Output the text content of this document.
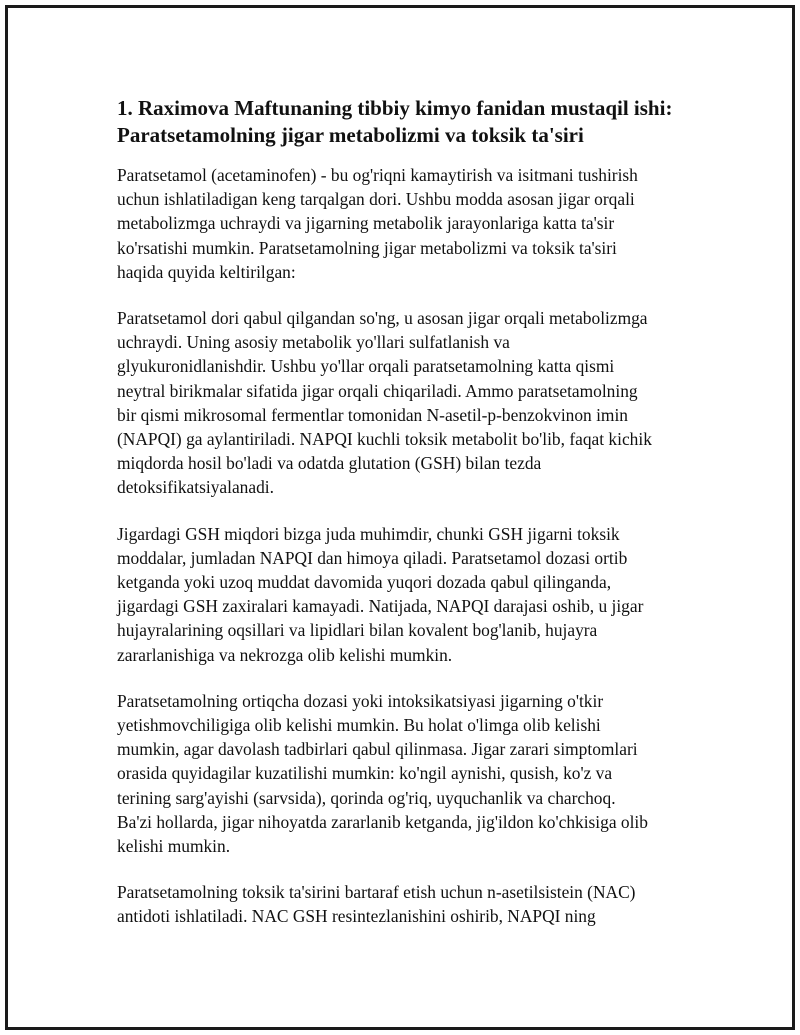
1. Raximova Maftunaning tibbiy kimyo fanidan mustaqil ishi:
Paratsetamolning jigar metabolizmi va toksik ta'siri

Paratsetamol (acetaminofen) - bu og'riqni kamaytirish va isitmani tushirish
uchun ishlatiladigan keng tarqalgan dori. Ushbu modda asosan jigar orqali
metabolizmga uchraydi va jigarning metabolik jarayonlariga katta ta'sir
ko'rsatishi mumkin. Paratsetamolning jigar metabolizmi va toksik ta'siri
haqida quyida keltirilgan:

Paratsetamol dori qabul qilgandan so'ng, u asosan jigar orqali metabolizmga
uchraydi. Uning asosiy metabolik yo'llari sulfatlanish va
glyukuronidlanishdir. Ushbu yo'llar orqali paratsetamolning katta qismi
neytral birikmalar sifatida jigar orqali chiqariladi. Ammo paratsetamolning
bir qismi mikrosomal fermentlar tomonidan N-asetil-p-benzokvinon imin
(NAPQI) ga aylantiriladi. NAPQI kuchli toksik metabolit bo'lib, faqat kichik
miqdorda hosil bo'ladi va odatda glutation (GSH) bilan tezda
detoksifikatsiyalanadi.

Jigardagi GSH miqdori bizga juda muhimdir, chunki GSH jigarni toksik
moddalar, jumladan NAPQI dan himoya qiladi. Paratsetamol dozasi ortib
ketganda yoki uzoq muddat davomida yuqori dozada qabul qilinganda,
jigardagi GSH zaxiralari kamayadi. Natijada, NAPQI darajasi oshib, u jigar
hujayralarining oqsillari va lipidlari bilan kovalent bog'lanib, hujayra
zararlanishiga va nekrozga olib kelishi mumkin.

Paratsetamolning ortiqcha dozasi yoki intoksikatsiyasi jigarning o'tkir
yetishmovchiligiga olib kelishi mumkin. Bu holat o'limga olib kelishi
mumkin, agar davolash tadbirlari qabul qilinmasa. Jigar zarari simptomlari
orasida quyidagilar kuzatilishi mumkin: ko'ngil aynishi, qusish, ko'z va
terining sarg'ayishi (sarvsida), qorinda og'riq, uyquchanlik va charchoq.
Ba'zi hollarda, jigar nihoyatda zararlanib ketganda, jig'ildon ko'chkisiga olib
kelishi mumkin.

Paratsetamolning toksik ta'sirini bartaraf etish uchun n-asetilsistein (NAC)
antidoti ishlatiladi. NAC GSH resintezlanishini oshirib, NAPQI ning
